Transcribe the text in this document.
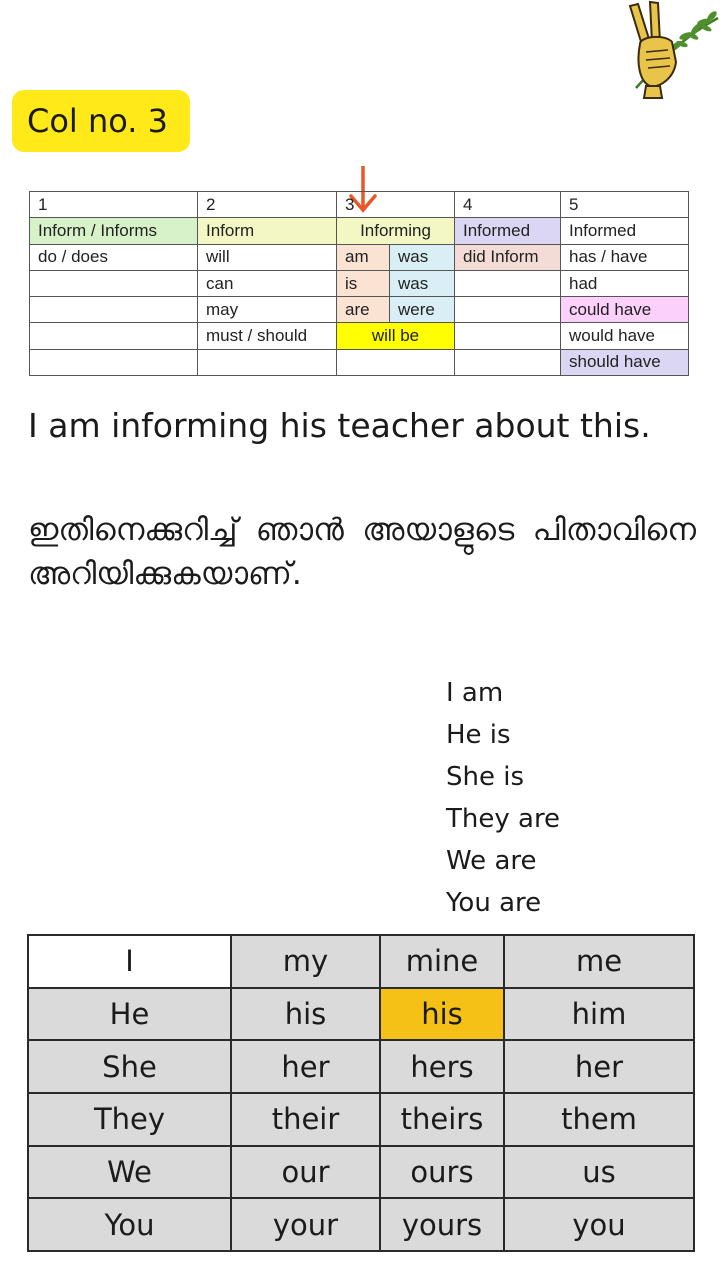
Col no. 3
1	2	3		4	5
Inform / Informs	Inform	Informing		Informed	Informed
do / does	will	am	was	did Inform	has / have
	can	is	was		had
	may	are	were		could have
	must / should	will be			would have
					should have
I am informing his teacher about this.
ഇതിനെക്കുറിച്ച് ഞാൻ അയാളുടെ പിതാവിനെ അറിയിക്കുകയാണ്.
I am
He is
She is
They are
We are
You are
I	my	mine	me
He	his	his	him
She	her	hers	her
They	their	theirs	them
We	our	ours	us
You	your	yours	you
